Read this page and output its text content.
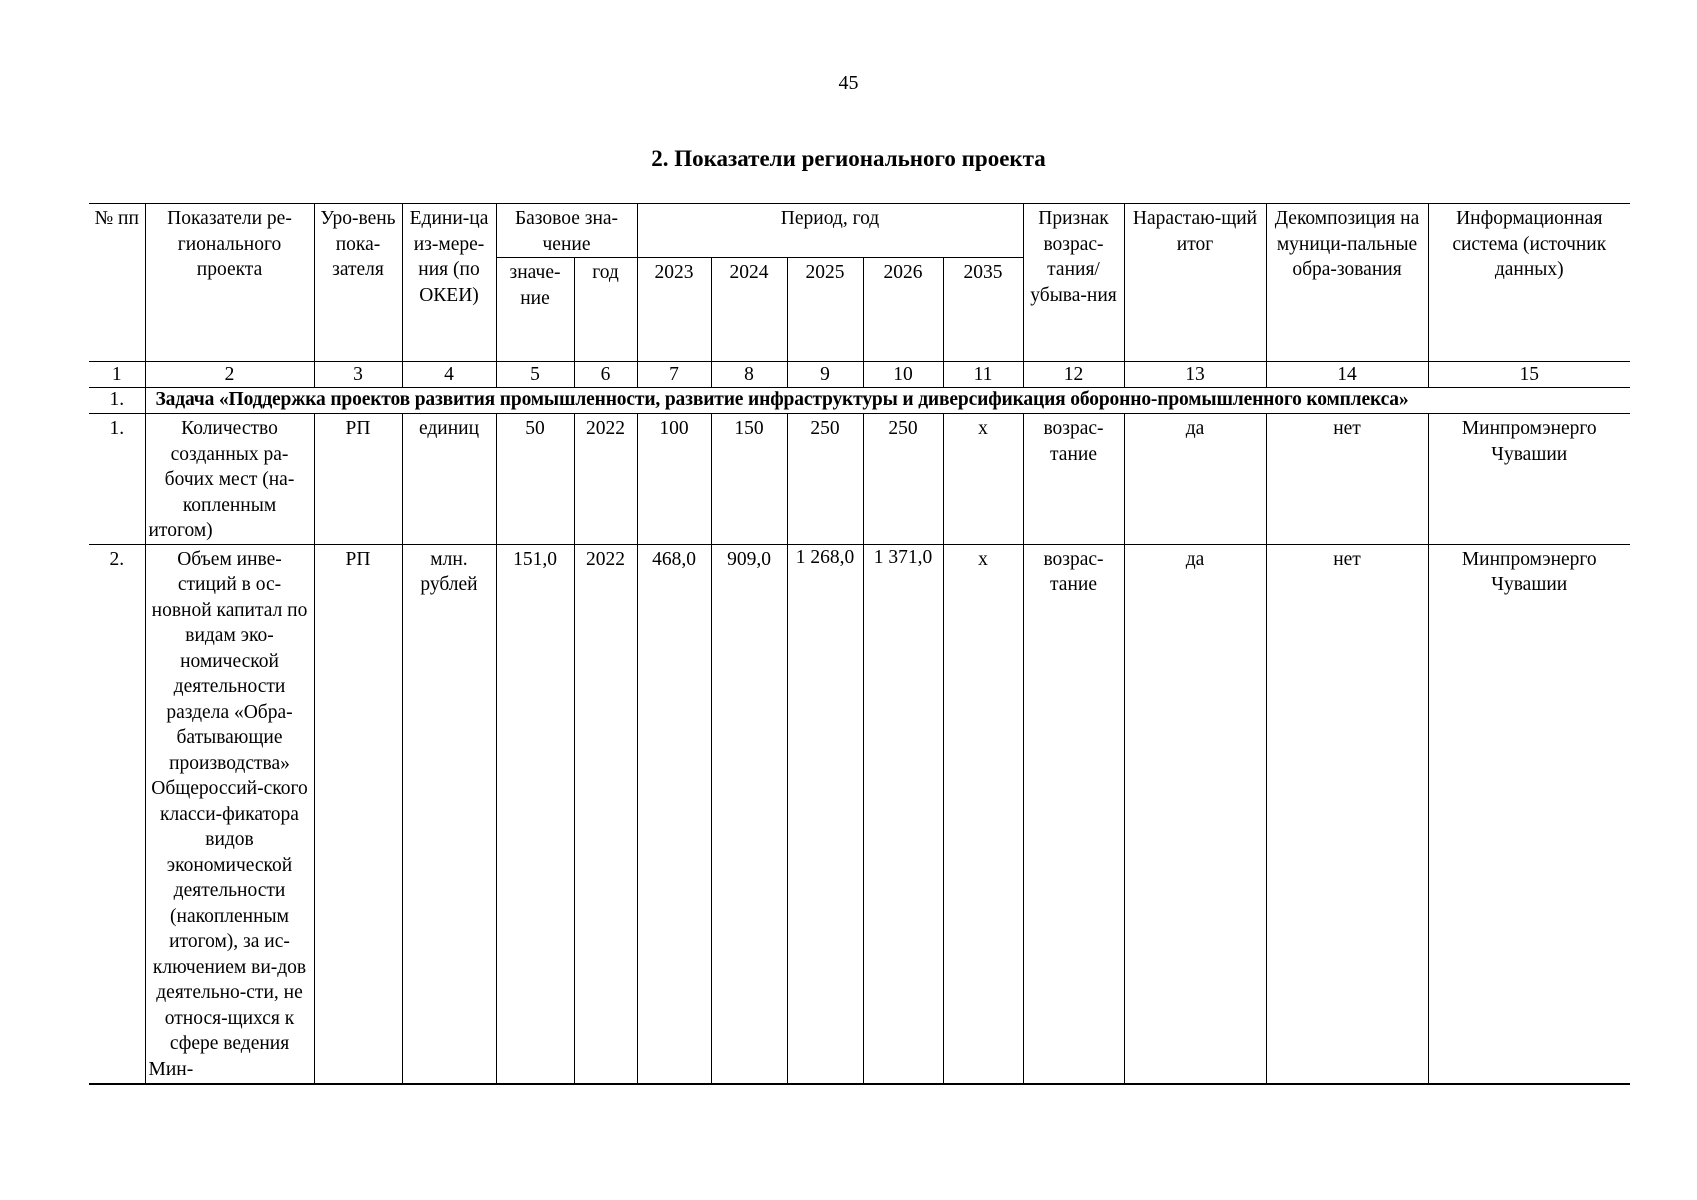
45
2. Показатели регионального проекта
№ пп	Показатели ре-гионального проекта	Уро-вень пока-зателя	Едини-ца из-мере-ния (по ОКЕИ)	Базовое зна-чение		Период, год					Признак возрас-тания/ убыва-ния	Нарастаю-щий итог	Декомпозиция на муници-пальные обра-зования	Информационная система (источник данных)
				значе-ние	год	2023	2024	2025	2026	2035				
1	2	3	4	5	6	7	8	9	10	11	12	13	14	15
1.	Задача «Поддержка проектов развития промышленности, развитие инфраструктуры и диверсификация оборонно-промышленного комплекса»													
1.	Количество созданных ра-бочих мест (на-копленным итогом)	РП	единиц	50	2022	100	150	250	250	х	возрас-тание	да	нет	Минпромэнерго Чувашии
2.	Объем инве-стиций в ос-новной капитал по видам эко-номической деятельности раздела «Обра-батывающие производства» Общероссий-ского класси-фикатора видов экономической деятельности (накопленным итогом), за ис-ключением ви-дов деятельно-сти, не относя-щихся к сфере ведения Мин-	РП	млн. рублей	151,0	2022	468,0	909,0	1 268,0	1 371,0	х	возрас-тание	да	нет	Минпромэнерго Чувашии
